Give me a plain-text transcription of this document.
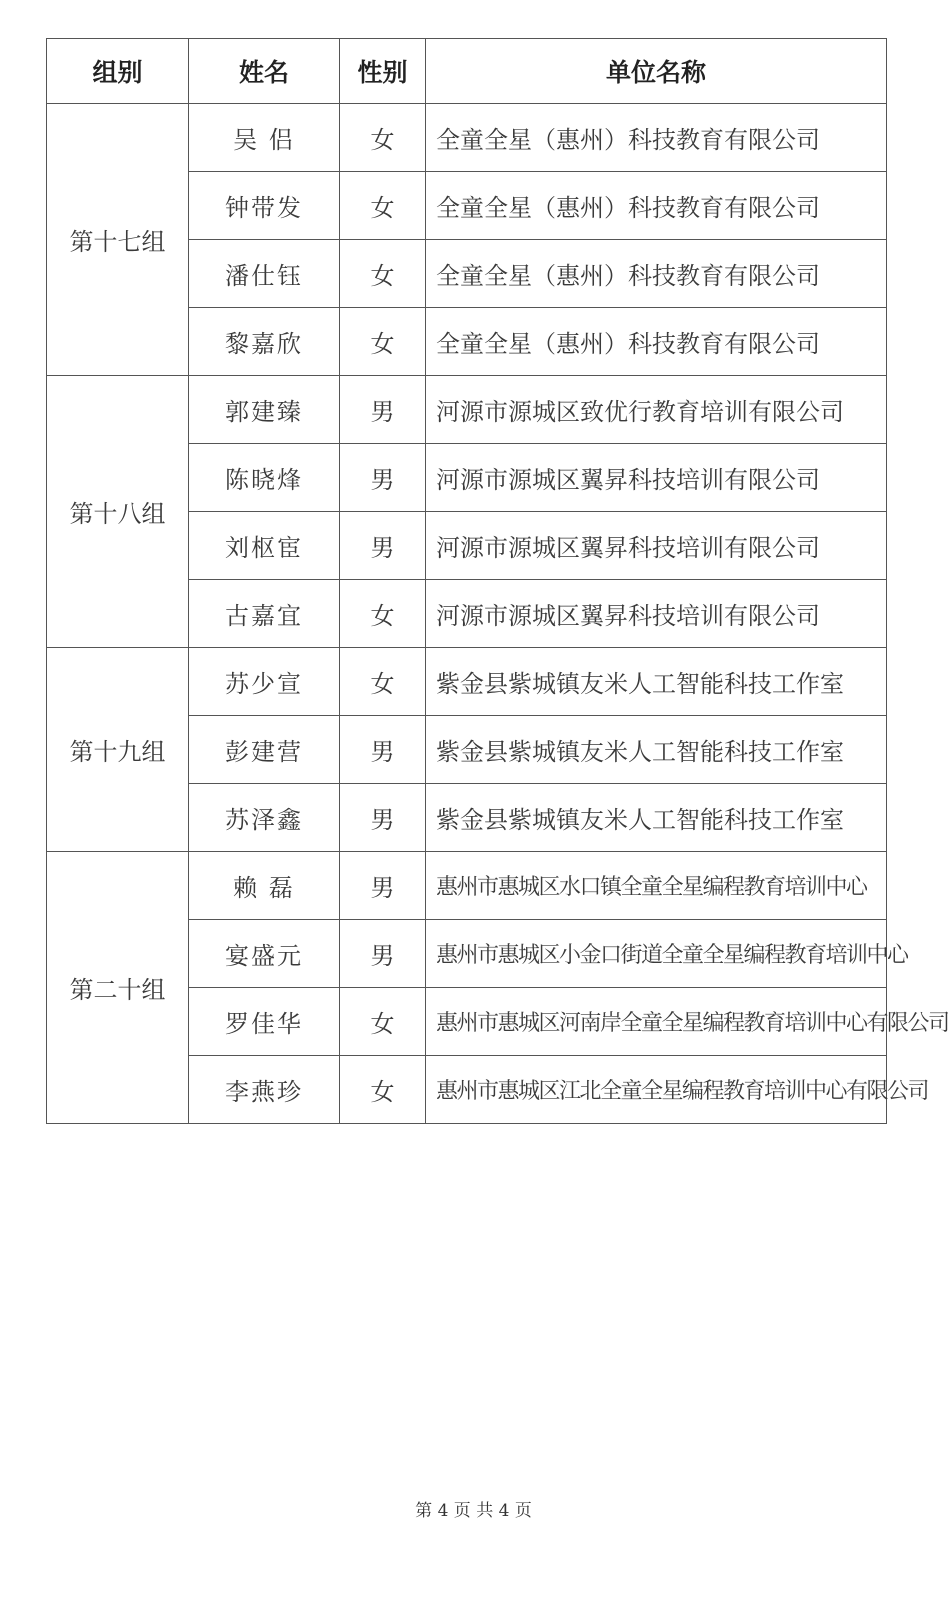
组别	姓名	性别	单位名称
第十七组	吴 侣	女	全童全星（惠州）科技教育有限公司
	钟带发	女	全童全星（惠州）科技教育有限公司
	潘仕钰	女	全童全星（惠州）科技教育有限公司
	黎嘉欣	女	全童全星（惠州）科技教育有限公司
第十八组	郭建臻	男	河源市源城区致优行教育培训有限公司
	陈晓烽	男	河源市源城区翼昇科技培训有限公司
	刘枢宦	男	河源市源城区翼昇科技培训有限公司
	古嘉宜	女	河源市源城区翼昇科技培训有限公司
第十九组	苏少宣	女	紫金县紫城镇友米人工智能科技工作室
	彭建营	男	紫金县紫城镇友米人工智能科技工作室
	苏泽鑫	男	紫金县紫城镇友米人工智能科技工作室
第二十组	赖 磊	男	惠州市惠城区水口镇全童全星编程教育培训中心
	宴盛元	男	惠州市惠城区小金口街道全童全星编程教育培训中心
	罗佳华	女	惠州市惠城区河南岸全童全星编程教育培训中心有限公司
	李燕珍	女	惠州市惠城区江北全童全星编程教育培训中心有限公司
第 4 页 共 4 页
